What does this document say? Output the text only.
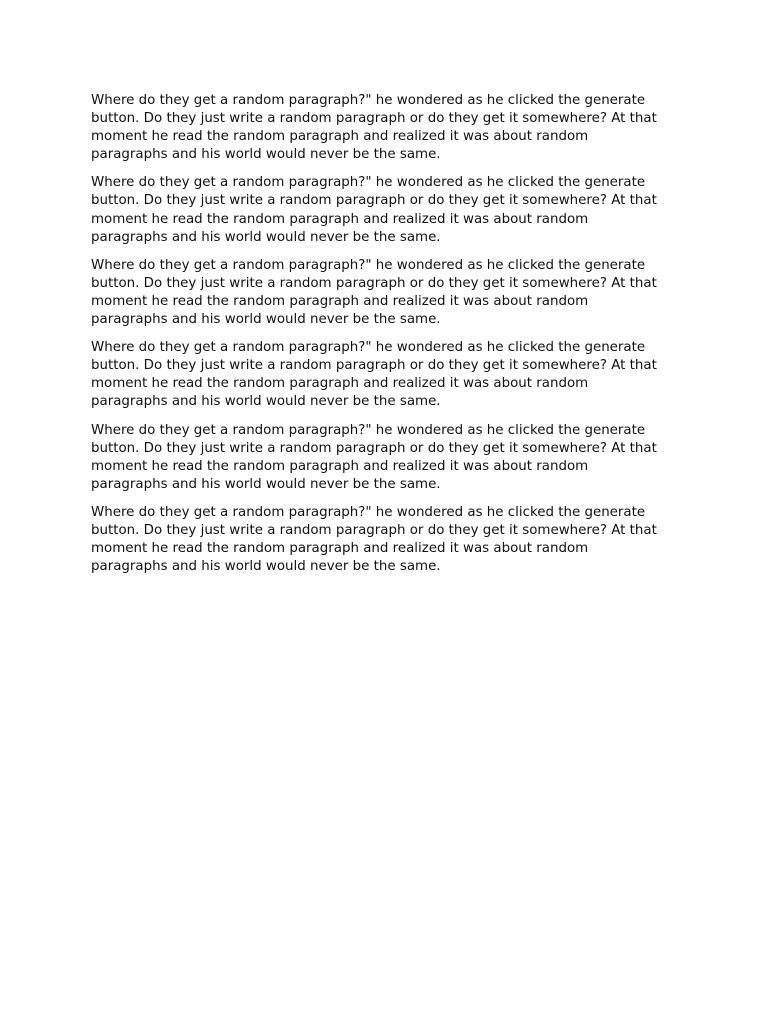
Where do they get a random paragraph?" he wondered as he clicked the generate
button. Do they just write a random paragraph or do they get it somewhere? At that
moment he read the random paragraph and realized it was about random
paragraphs and his world would never be the same.

Where do they get a random paragraph?" he wondered as he clicked the generate
button. Do they just write a random paragraph or do they get it somewhere? At that
moment he read the random paragraph and realized it was about random
paragraphs and his world would never be the same.

Where do they get a random paragraph?" he wondered as he clicked the generate
button. Do they just write a random paragraph or do they get it somewhere? At that
moment he read the random paragraph and realized it was about random
paragraphs and his world would never be the same.

Where do they get a random paragraph?" he wondered as he clicked the generate
button. Do they just write a random paragraph or do they get it somewhere? At that
moment he read the random paragraph and realized it was about random
paragraphs and his world would never be the same.

Where do they get a random paragraph?" he wondered as he clicked the generate
button. Do they just write a random paragraph or do they get it somewhere? At that
moment he read the random paragraph and realized it was about random
paragraphs and his world would never be the same.

Where do they get a random paragraph?" he wondered as he clicked the generate
button. Do they just write a random paragraph or do they get it somewhere? At that
moment he read the random paragraph and realized it was about random
paragraphs and his world would never be the same.
